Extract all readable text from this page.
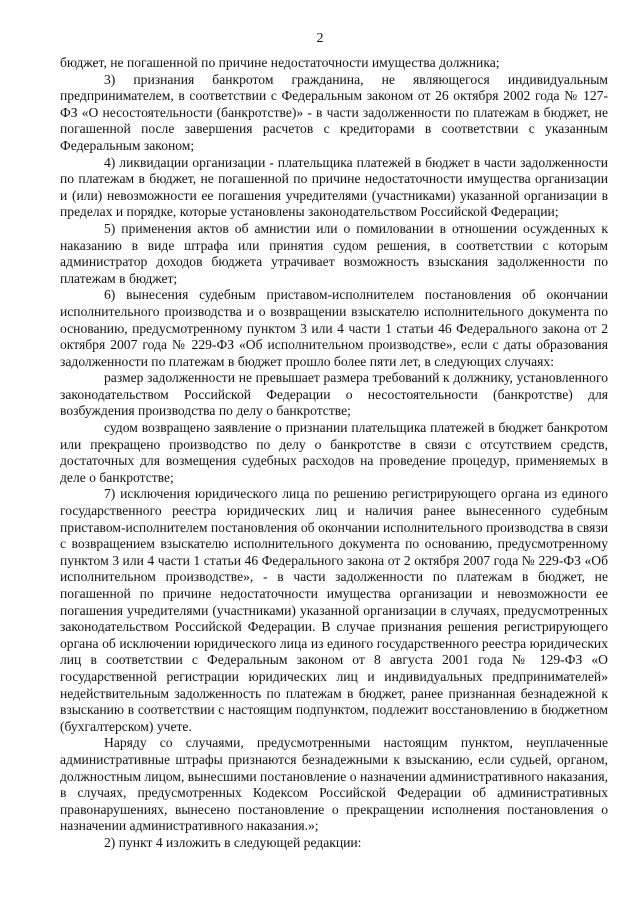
2

бюджет, не погашенной по причине недостаточности имущества должника;

3) признания банкротом гражданина, не являющегося индивидуальным предпринимателем, в соответствии с Федеральным законом от 26 октября 2002 года № 127-ФЗ «О несостоятельности (банкротстве)» - в части задолженности по платежам в бюджет, не погашенной после завершения расчетов с кредиторами в соответствии с указанным Федеральным законом;

4) ликвидации организации - плательщика платежей в бюджет в части задолженности по платежам в бюджет, не погашенной по причине недостаточности имущества организации и (или) невозможности ее погашения учредителями (участниками) указанной организации в пределах и порядке, которые установлены законодательством Российской Федерации;

5) применения актов об амнистии или о помиловании в отношении осужденных к наказанию в виде штрафа или принятия судом решения, в соответствии с которым администратор доходов бюджета утрачивает возможность взыскания задолженности по платежам в бюджет;

6) вынесения судебным приставом-исполнителем постановления об окончании исполнительного производства и о возвращении взыскателю исполнительного документа по основанию, предусмотренному пунктом 3 или 4 части 1 статьи 46 Федерального закона от 2 октября 2007 года № 229-ФЗ «Об исполнительном производстве», если с даты образования задолженности по платежам в бюджет прошло более пяти лет, в следующих случаях:

размер задолженности не превышает размера требований к должнику, установленного законодательством Российской Федерации о несостоятельности (банкротстве) для возбуждения производства по делу о банкротстве;

судом возвращено заявление о признании плательщика платежей в бюджет банкротом или прекращено производство по делу о банкротстве в связи с отсутствием средств, достаточных для возмещения судебных расходов на проведение процедур, применяемых в деле о банкротстве;

7) исключения юридического лица по решению регистрирующего органа из единого государственного реестра юридических лиц и наличия ранее вынесенного судебным приставом-исполнителем постановления об окончании исполнительного производства в связи с возвращением взыскателю исполнительного документа по основанию, предусмотренному пунктом 3 или 4 части 1 статьи 46 Федерального закона от 2 октября 2007 года № 229-ФЗ «Об исполнительном производстве», - в части задолженности по платежам в бюджет, не погашенной по причине недостаточности имущества организации и невозможности ее погашения учредителями (участниками) указанной организации в случаях, предусмотренных законодательством Российской Федерации. В случае признания решения регистрирующего органа об исключении юридического лица из единого государственного реестра юридических лиц в соответствии с Федеральным законом от 8 августа 2001 года № 129-ФЗ «О государственной регистрации юридических лиц и индивидуальных предпринимателей» недействительным задолженность по платежам в бюджет, ранее признанная безнадежной к взысканию в соответствии с настоящим подпунктом, подлежит восстановлению в бюджетном (бухгалтерском) учете.

Наряду со случаями, предусмотренными настоящим пунктом, неуплаченные административные штрафы признаются безнадежными к взысканию, если судьей, органом, должностным лицом, вынесшими постановление о назначении административного наказания, в случаях, предусмотренных Кодексом Российской Федерации об административных правонарушениях, вынесено постановление о прекращении исполнения постановления о назначении административного наказания.»;

2) пункт 4 изложить в следующей редакции:
